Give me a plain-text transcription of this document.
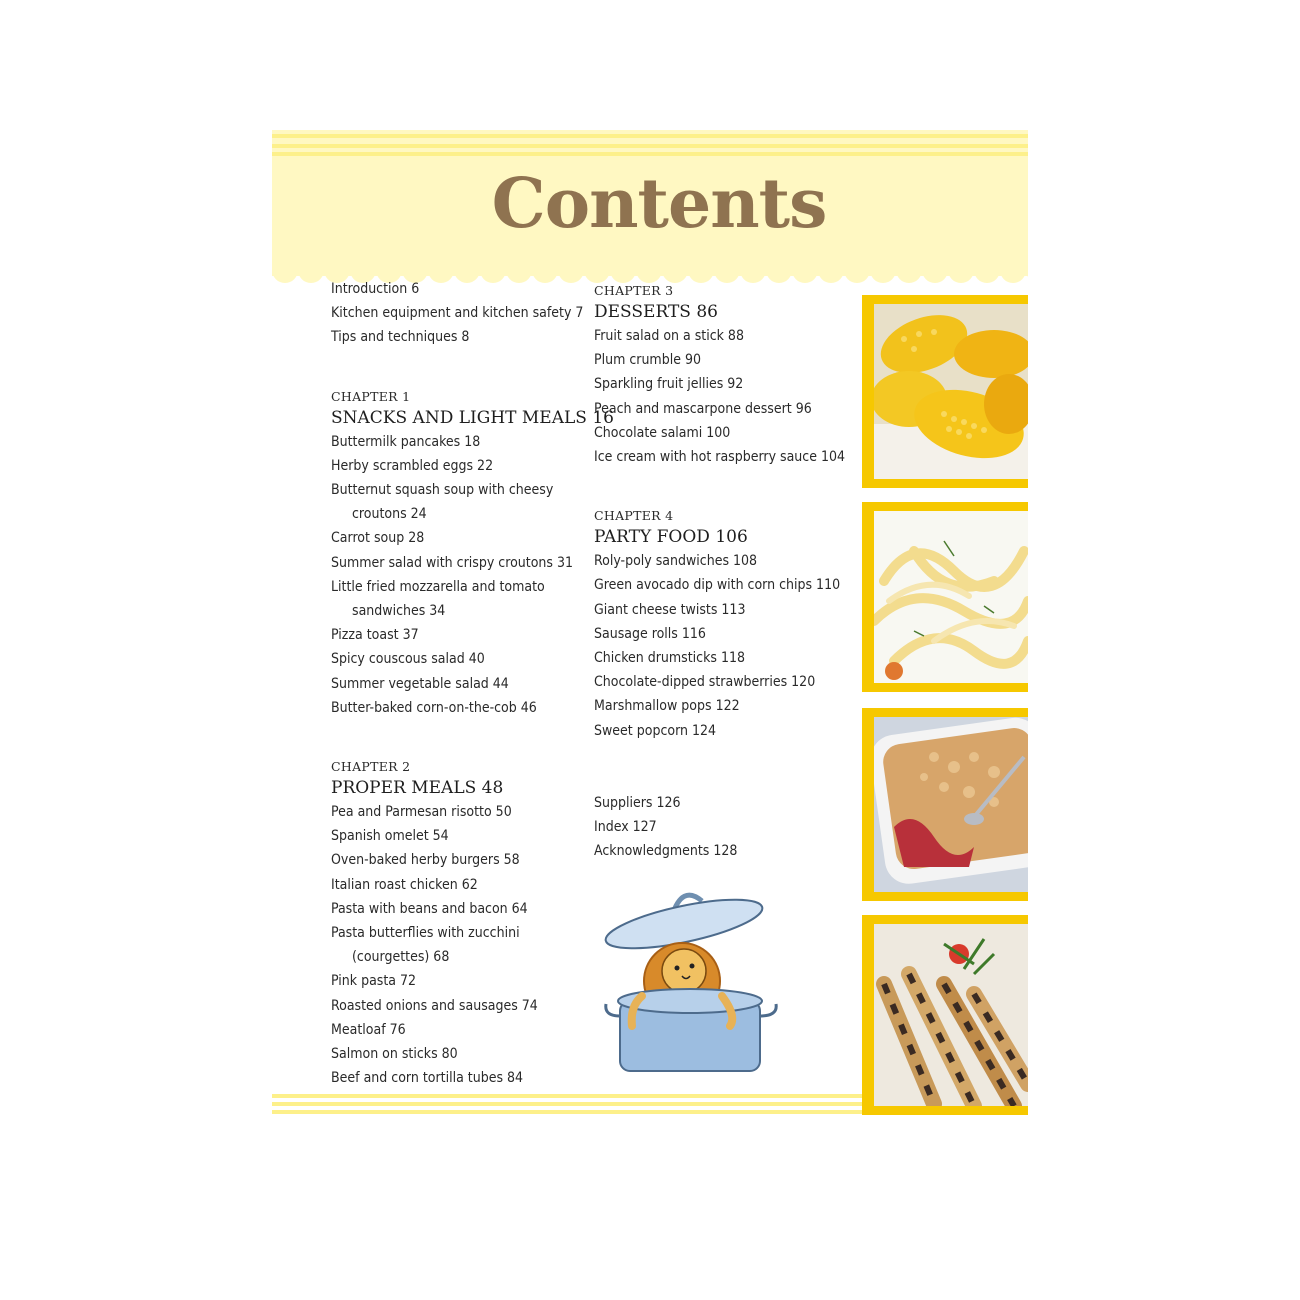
Contents
Introduction 6
Kitchen equipment and kitchen safety 7
Tips and techniques 8
CHAPTER 1
SNACKS AND LIGHT MEALS 16
Buttermilk pancakes 18
Herby scrambled eggs 22
Butternut squash soup with cheesy
croutons 24
Carrot soup 28
Summer salad with crispy croutons 31
Little fried mozzarella and tomato
sandwiches 34
Pizza toast 37
Spicy couscous salad 40
Summer vegetable salad 44
Butter-baked corn-on-the-cob 46
CHAPTER 2
PROPER MEALS 48
Pea and Parmesan risotto 50
Spanish omelet 54
Oven-baked herby burgers 58
Italian roast chicken 62
Pasta with beans and bacon 64
Pasta butterflies with zucchini
(courgettes) 68
Pink pasta 72
Roasted onions and sausages 74
Meatloaf 76
Salmon on sticks 80
Beef and corn tortilla tubes 84
CHAPTER 3
DESSERTS 86
Fruit salad on a stick 88
Plum crumble 90
Sparkling fruit jellies 92
Peach and mascarpone dessert 96
Chocolate salami 100
Ice cream with hot raspberry sauce 104
CHAPTER 4
PARTY FOOD 106
Roly-poly sandwiches 108
Green avocado dip with corn chips 110
Giant cheese twists 113
Sausage rolls 116
Chicken drumsticks 118
Chocolate-dipped strawberries 120
Marshmallow pops 122
Sweet popcorn 124
Suppliers 126
Index 127
Acknowledgments 128
